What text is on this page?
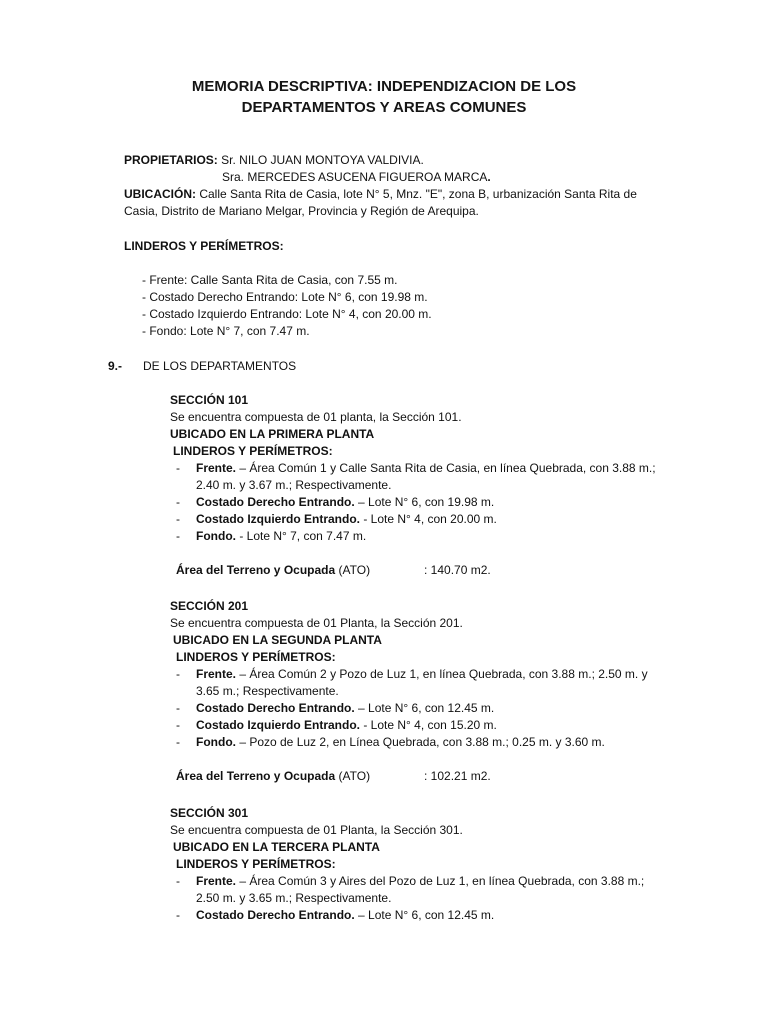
MEMORIA DESCRIPTIVA: INDEPENDIZACION DE LOS
DEPARTAMENTOS Y AREAS COMUNES
PROPIETARIOS: Sr. NILO JUAN MONTOYA VALDIVIA.
Sra. MERCEDES ASUCENA FIGUEROA MARCA.
UBICACIÓN: Calle Santa Rita de Casia, lote N° 5, Mnz. "E", zona B, urbanización Santa Rita de Casia, Distrito de Mariano Melgar, Provincia y Región de Arequipa.
LINDEROS Y PERÍMETROS:
- Frente: Calle Santa Rita de Casia, con 7.55 m.
- Costado Derecho Entrando: Lote N° 6, con 19.98 m.
- Costado Izquierdo Entrando: Lote N° 4, con 20.00 m.
- Fondo: Lote N° 7, con 7.47 m.
9.- DE LOS DEPARTAMENTOS
SECCIÓN 101
Se encuentra compuesta de 01 planta, la Sección 101.
UBICADO EN LA PRIMERA PLANTA
LINDEROS Y PERÍMETROS:
- Frente. – Área Común 1 y Calle Santa Rita de Casia, en línea Quebrada, con 3.88 m.; 2.40 m. y 3.67 m.; Respectivamente.
- Costado Derecho Entrando. – Lote N° 6, con 19.98 m.
- Costado Izquierdo Entrando. - Lote N° 4, con 20.00 m.
- Fondo. - Lote N° 7, con 7.47 m.
Área del Terreno y Ocupada (ATO)	: 140.70 m2.
SECCIÓN 201
Se encuentra compuesta de 01 Planta, la Sección 201.
UBICADO EN LA SEGUNDA PLANTA
LINDEROS Y PERÍMETROS:
- Frente. – Área Común 2 y Pozo de Luz 1, en línea Quebrada, con 3.88 m.; 2.50 m. y 3.65 m.; Respectivamente.
- Costado Derecho Entrando. – Lote N° 6, con 12.45 m.
- Costado Izquierdo Entrando. - Lote N° 4, con 15.20 m.
- Fondo. – Pozo de Luz 2, en Línea Quebrada, con 3.88 m.; 0.25 m. y 3.60 m.
Área del Terreno y Ocupada (ATO)	: 102.21 m2.
SECCIÓN 301
Se encuentra compuesta de 01 Planta, la Sección 301.
UBICADO EN LA TERCERA PLANTA
LINDEROS Y PERÍMETROS:
- Frente. – Área Común 3 y Aires del Pozo de Luz 1, en línea Quebrada, con 3.88 m.; 2.50 m. y 3.65 m.; Respectivamente.
- Costado Derecho Entrando. – Lote N° 6, con 12.45 m.
